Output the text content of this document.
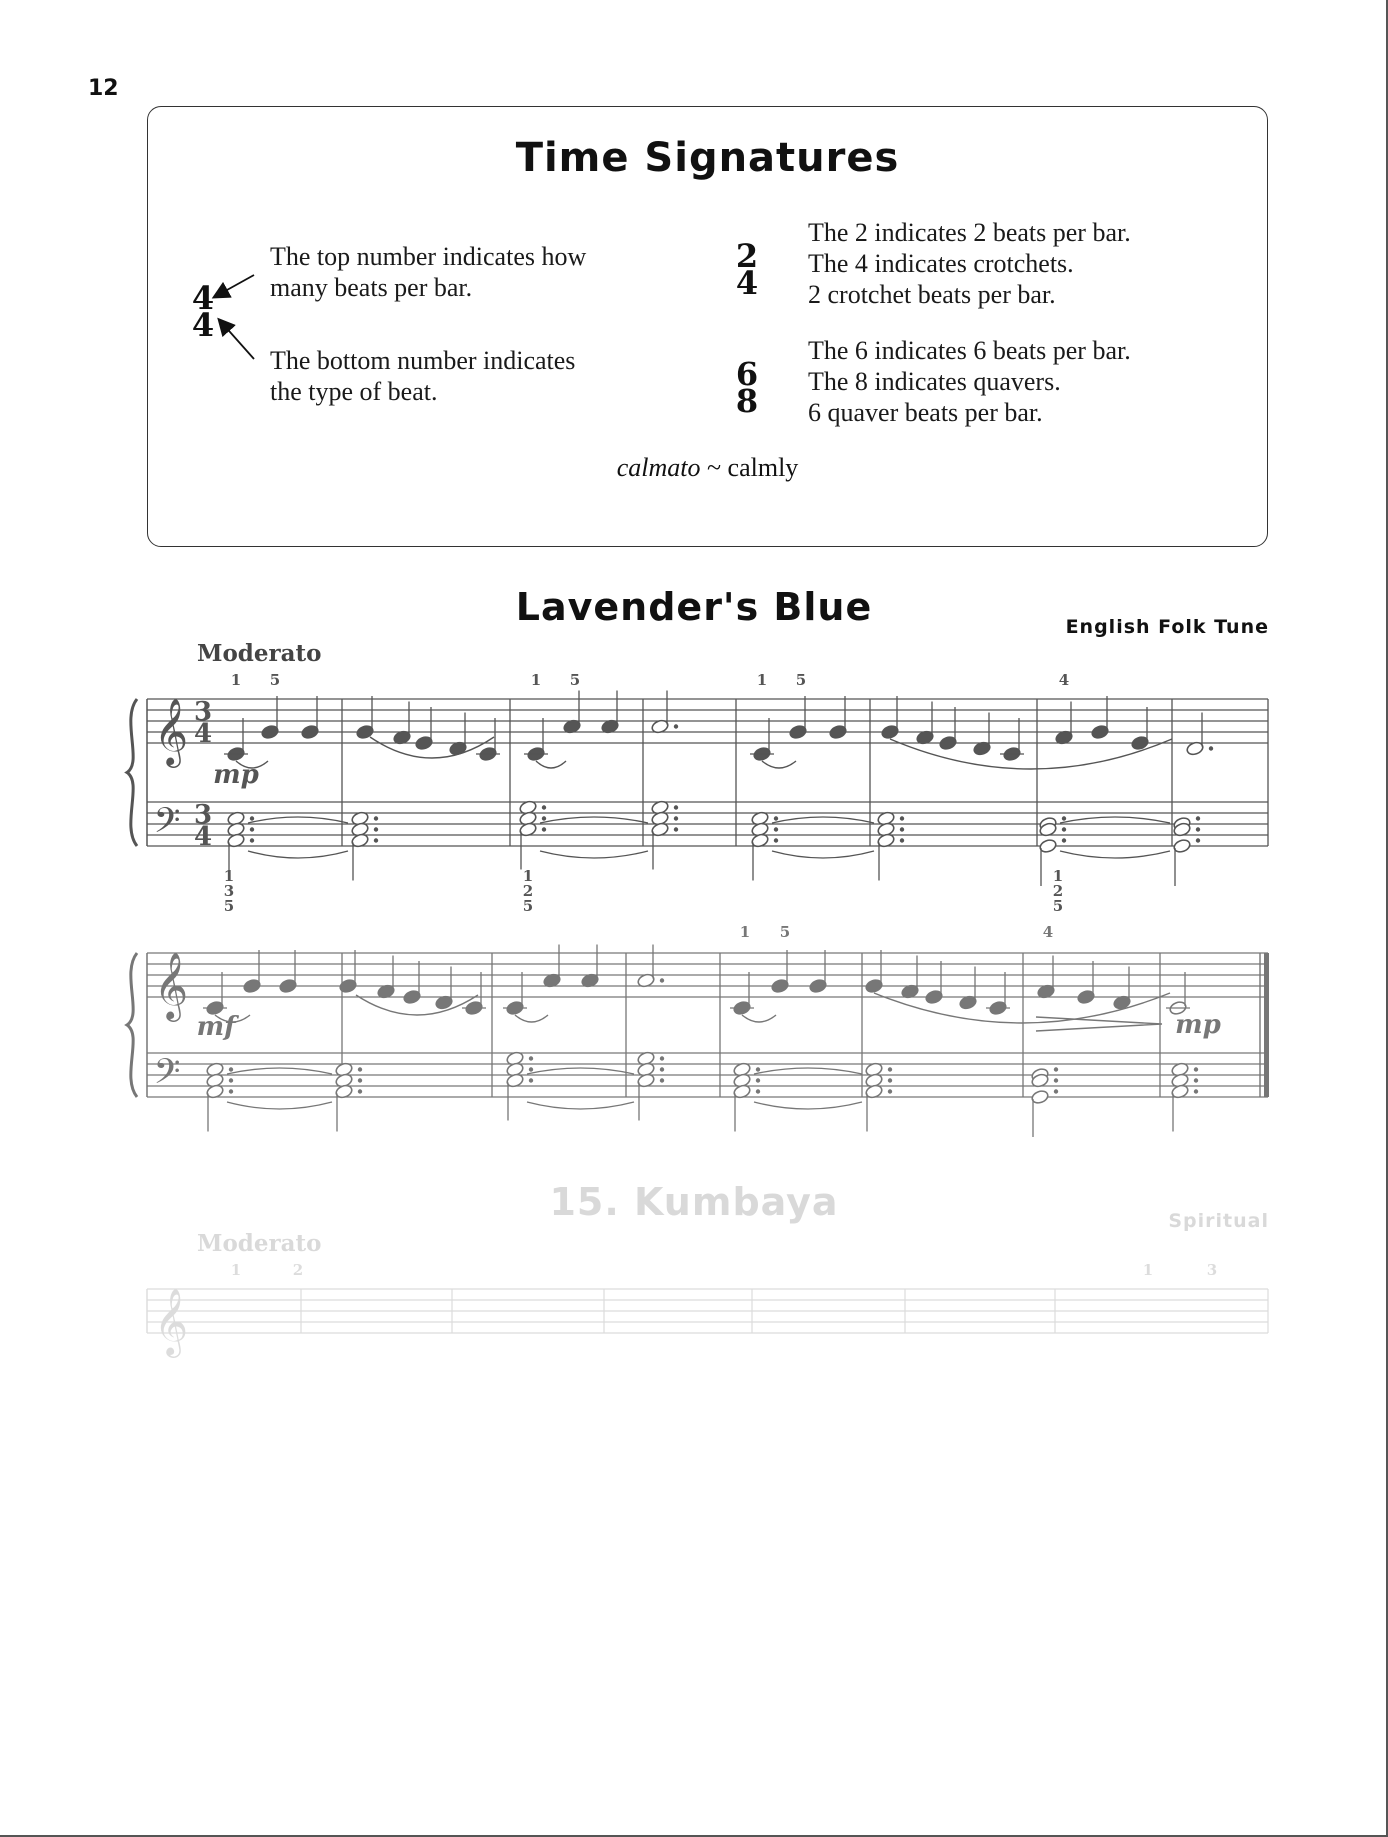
12
Time Signatures
4
4
The top number indicates how
many beats per bar.
The bottom number indicates
the type of beat.
2
4
The 2 indicates 2 beats per bar.
The 4 indicates crotchets.
2 crotchet beats per bar.
6
8
The 6 indicates 6 beats per bar.
The 8 indicates quavers.
6 quaver beats per bar.
calmato ~ calmly
Lavender's Blue	English Folk Tune
Moderato
𝄞
𝄢
3
4
3
4
1 5	1 5	1 5	4
1
3
5
1
2
5
1
2
5
mp
𝄞
𝄢
1 5	4
mf	mp
15. Kumbaya	Spiritual
Moderato
𝄞
1	2	1	3
